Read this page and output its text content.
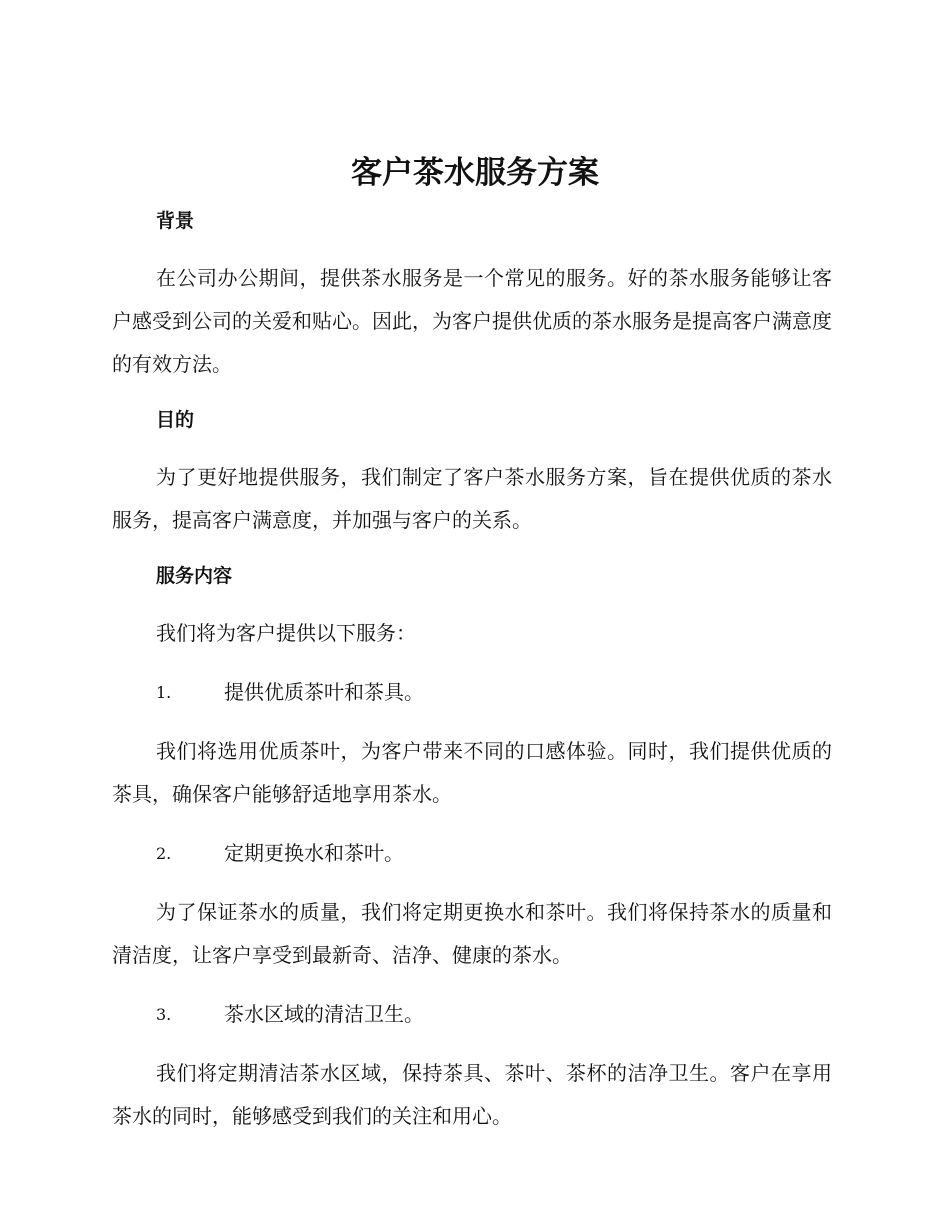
客户茶水服务方案
背景

在公司办公期间，提供茶水服务是一个常见的服务。好的茶水服务能够让客户感受到公司的关爱和贴心。因此，为客户提供优质的茶水服务是提高客户满意度的有效方法。

目的

为了更好地提供服务，我们制定了客户茶水服务方案，旨在提供优质的茶水服务，提高客户满意度，并加强与客户的关系。

服务内容

我们将为客户提供以下服务：

1.	提供优质茶叶和茶具。

我们将选用优质茶叶，为客户带来不同的口感体验。同时，我们提供优质的茶具，确保客户能够舒适地享用茶水。

2.	定期更换水和茶叶。

为了保证茶水的质量，我们将定期更换水和茶叶。我们将保持茶水的质量和清洁度，让客户享受到最新奇、洁净、健康的茶水。

3.	茶水区域的清洁卫生。

我们将定期清洁茶水区域，保持茶具、茶叶、茶杯的洁净卫生。客户在享用茶水的同时，能够感受到我们的关注和用心。
